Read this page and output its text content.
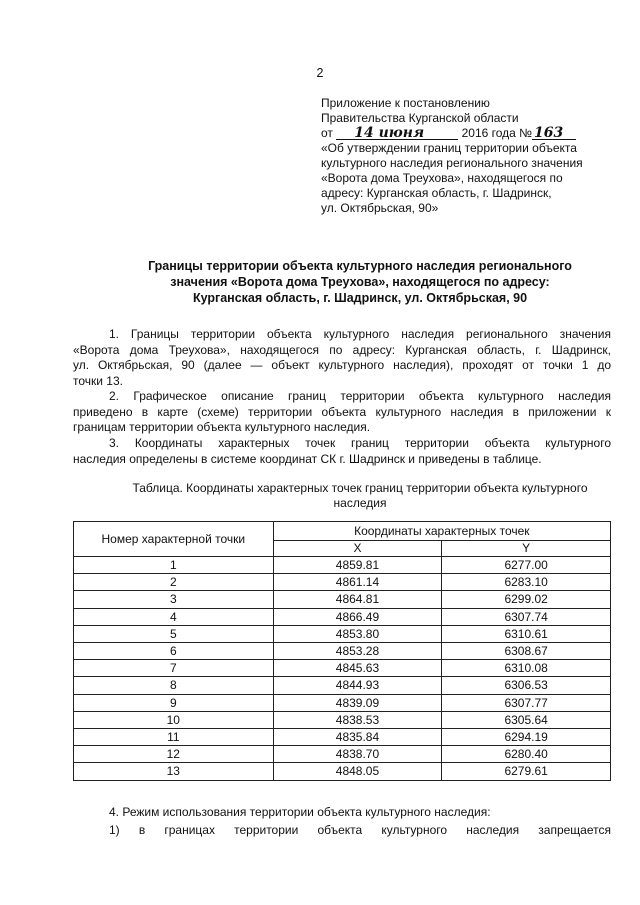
2
Приложение к постановлению
Правительства Курганской области
от 14 июня	2016 года № 163
«Об утверждении границ территории объекта
культурного наследия регионального значения
«Ворота дома Треухова», находящегося по
адресу: Курганская область, г. Шадринск,
ул. Октябрьская, 90»
Границы территории объекта культурного наследия регионального
значения «Ворота дома Треухова», находящегося по адресу:
Курганская область, г. Шадринск, ул. Октябрьская, 90
1. Границы территории объекта культурного наследия регионального значения
«Ворота дома Треухова», находящегося по адресу: Курганская область, г. Шадринск,
ул. Октябрьская, 90 (далее — объект культурного наследия), проходят от точки 1 до
точки 13.
2. Графическое описание границ территории объекта культурного наследия
приведено в карте (схеме) территории объекта культурного наследия в приложении к
границам территории объекта культурного наследия.
3. Координаты характерных точек границ территории объекта культурного
наследия определены в системе координат СК г. Шадринск и приведены в таблице.
Таблица. Координаты характерных точек границ территории объекта культурного
наследия
Номер характерной точки	Координаты характерных точек	
	X	Y
1	4859.81	6277.00
2	4861.14	6283.10
3	4864.81	6299.02
4	4866.49	6307.74
5	4853.80	6310.61
6	4853.28	6308.67
7	4845.63	6310.08
8	4844.93	6306.53
9	4839.09	6307.77
10	4838.53	6305.64
11	4835.84	6294.19
12	4838.70	6280.40
13	4848.05	6279.61
4. Режим использования территории объекта культурного наследия:
1) в границах территории объекта культурного наследия запрещается
